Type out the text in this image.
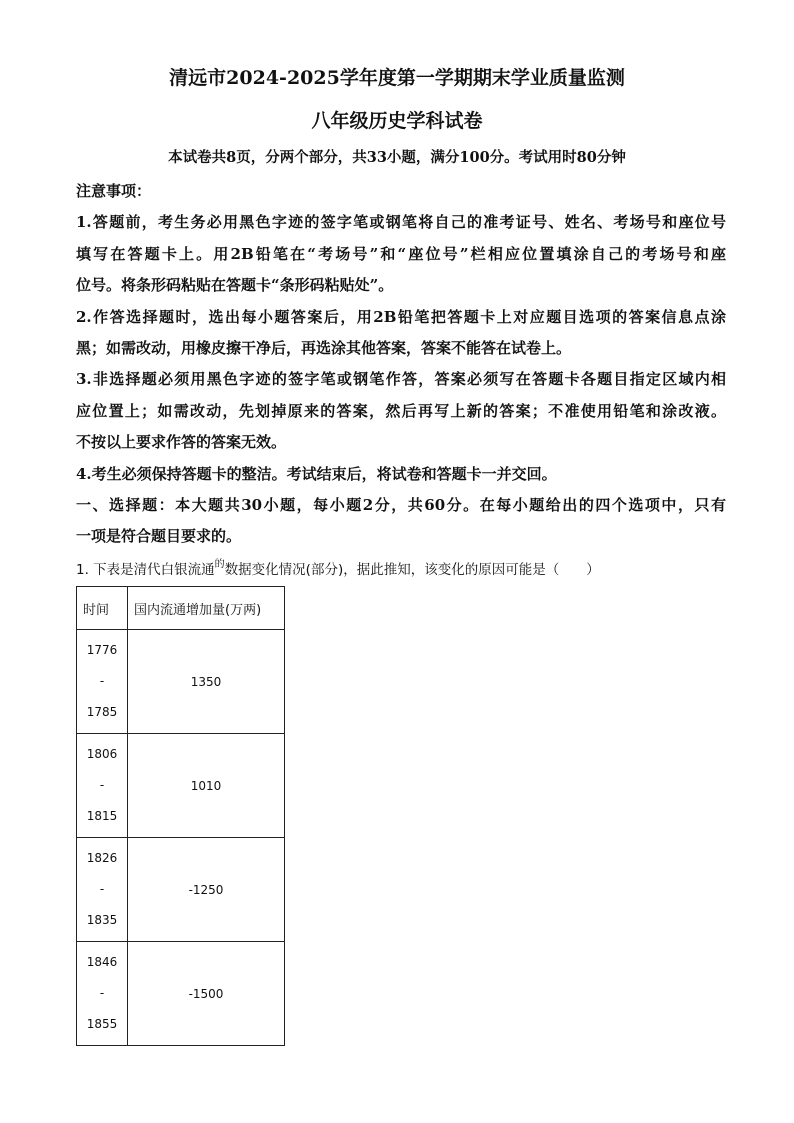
清远市2024-2025学年度第一学期期末学业质量监测
八年级历史学科试卷
本试卷共8页，分两个部分，共33小题，满分100分。考试用时80分钟

注意事项：

1.答题前，考生务必用黑色字迹的签字笔或钢笔将自己的准考证号、姓名、考场号和座位号

填写在答题卡上。用2B铅笔在“考场号”和“座位号”栏相应位置填涂自己的考场号和座

位号。将条形码粘贴在答题卡“条形码粘贴处”。

2.作答选择题时，选出每小题答案后，用2B铅笔把答题卡上对应题目选项的答案信息点涂

黑；如需改动，用橡皮擦干净后，再选涂其他答案，答案不能答在试卷上。

3.非选择题必须用黑色字迹的签字笔或钢笔作答，答案必须写在答题卡各题目指定区域内相

应位置上；如需改动，先划掉原来的答案，然后再写上新的答案；不准使用铅笔和涂改液。

不按以上要求作答的答案无效。

4.考生必须保持答题卡的整洁。考试结束后，将试卷和答题卡一并交回。

一、选择题：本大题共30小题，每小题2分，共60分。在每小题给出的四个选项中，只有

一项是符合题目要求的。

1. 下表是清代白银流通$^的$数据变化情况(部分)，据此推知，该变化的原因可能是（　　）
时间	国内流通增加量(万两)

1776
-
1785	1350

1806
-
1815	1010

1826
-
1835	-1250

1846
-
1855	-1500
